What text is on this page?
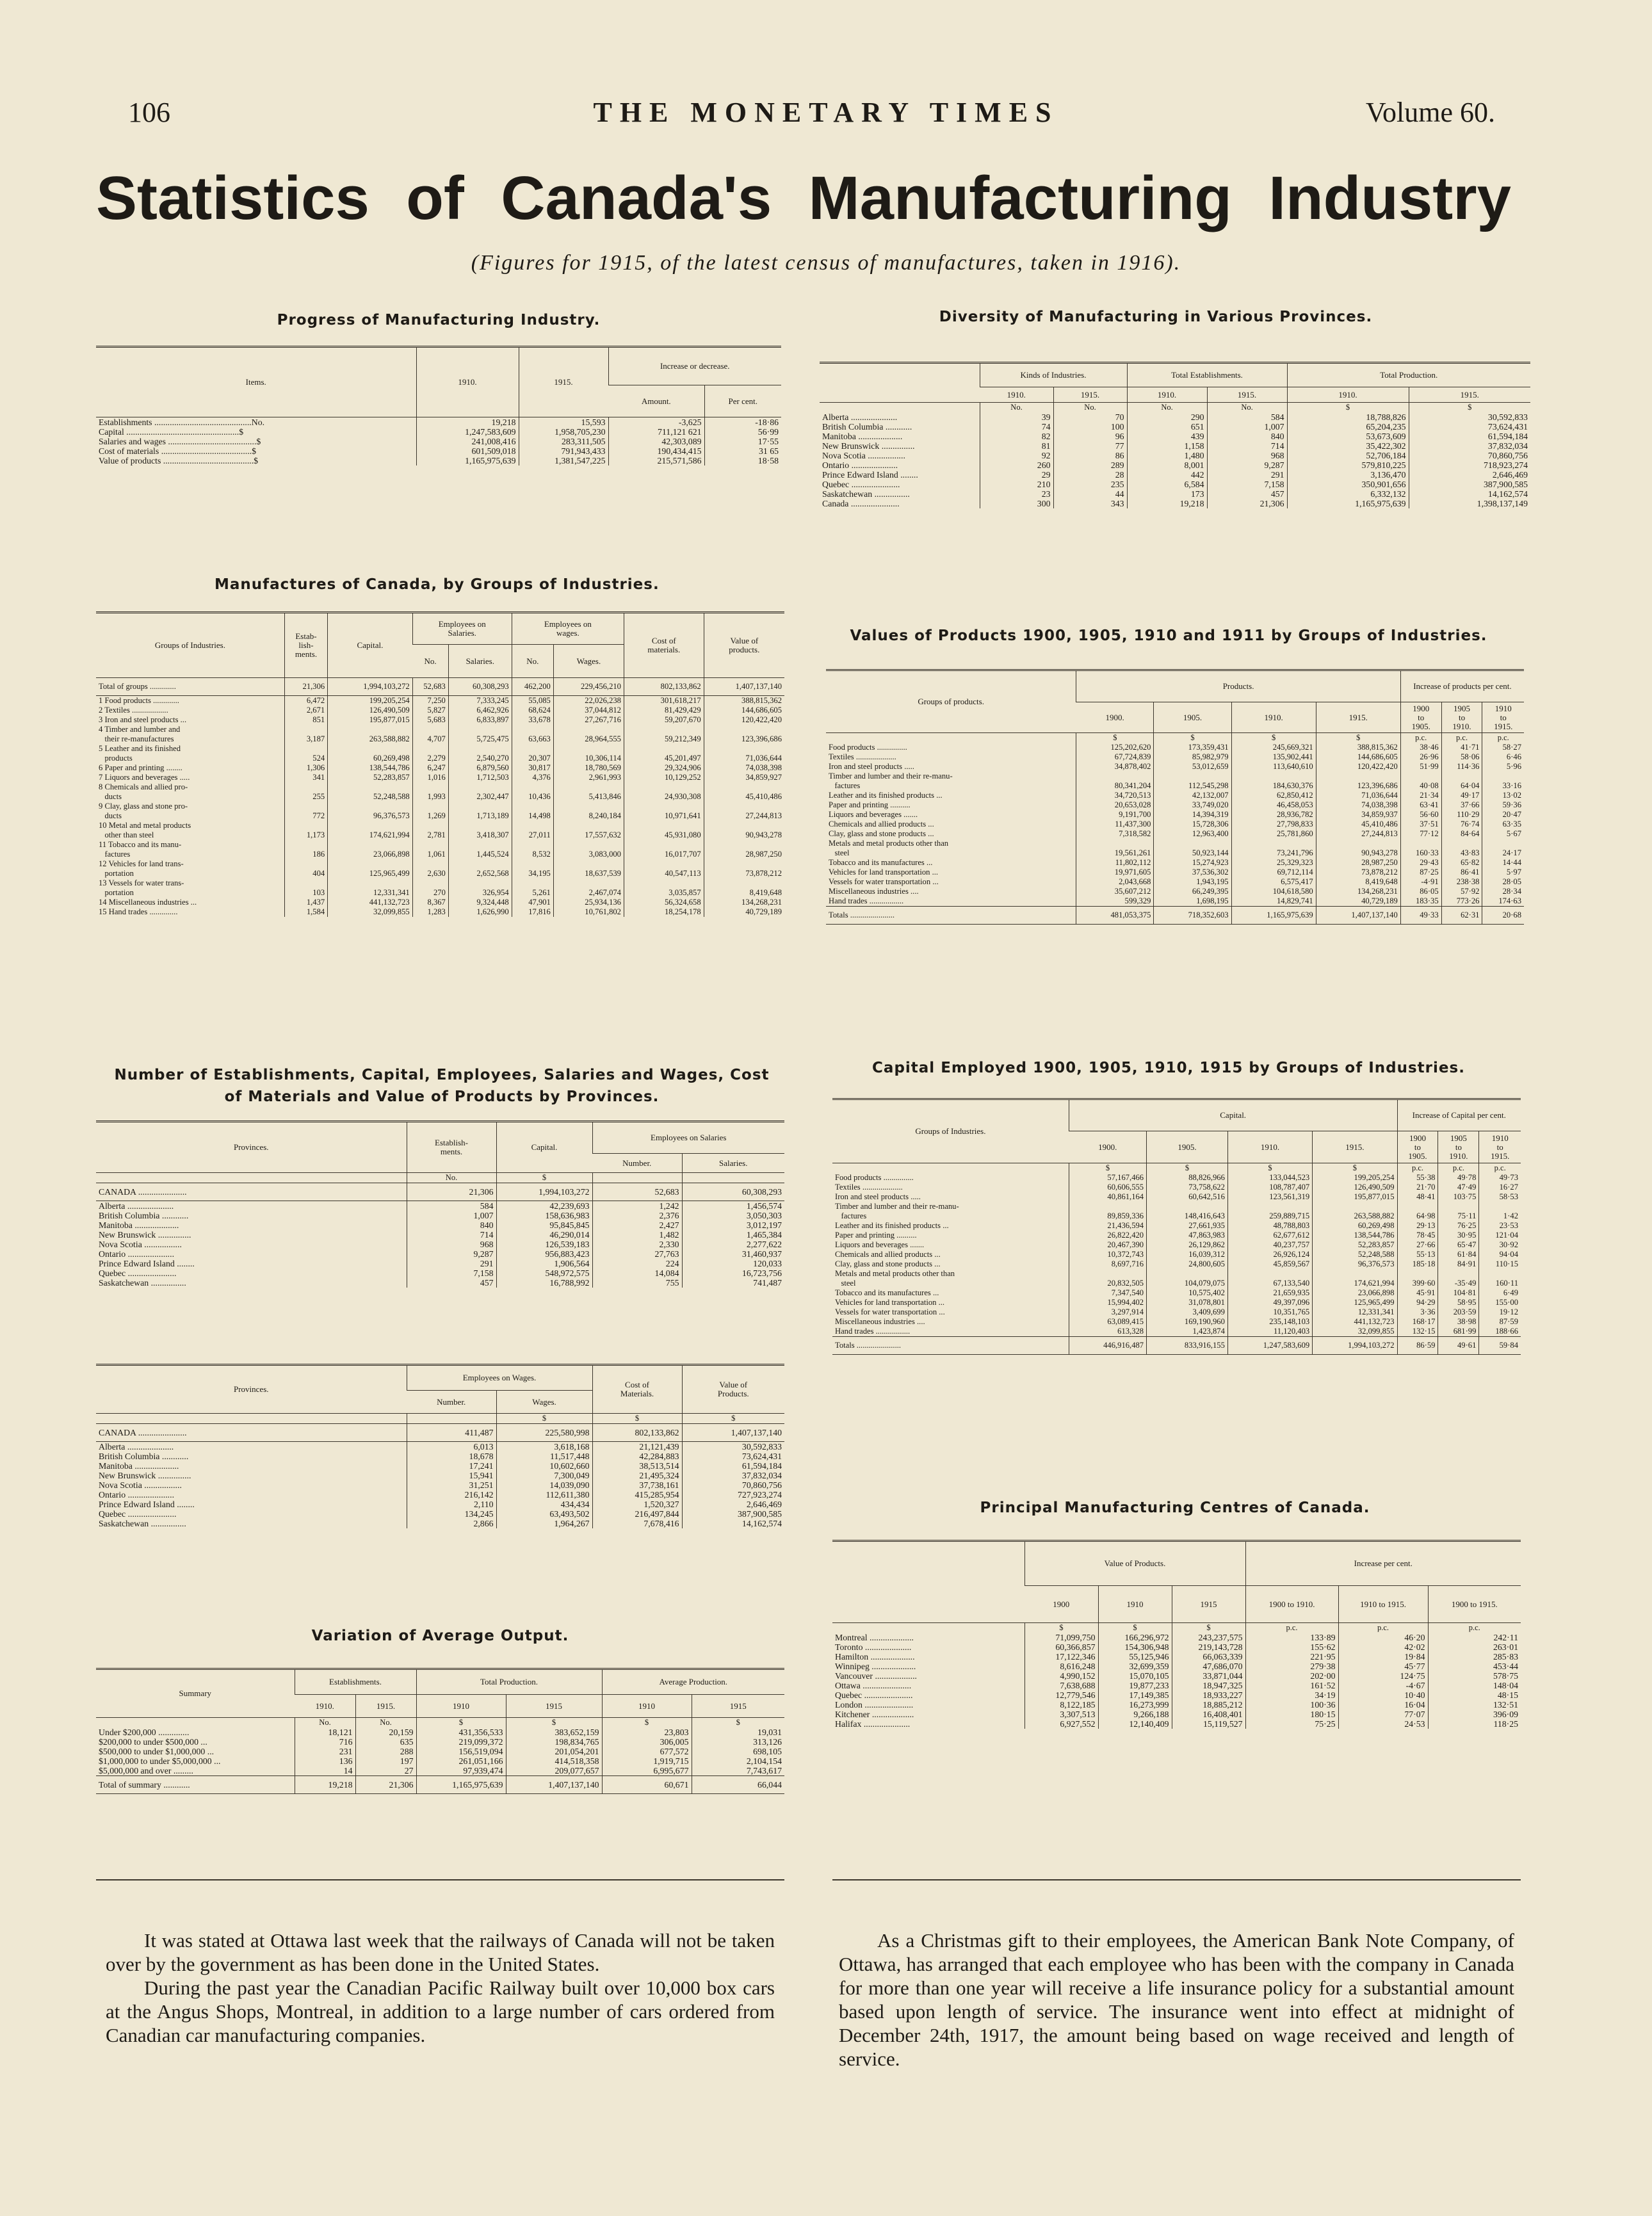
106	THE MONETARY TIMES	Volume 60.
Statistics of Canada's Manufacturing Industry
(Figures for 1915, of the latest census of manufactures, taken in 1916).
Progress of Manufacturing Industry.
Items.	1910.	1915.	Increase or decrease.	
			Amount.	Per cent.
Establishments ............................................No.	19,218	15,593	-3,625	-18·86
Capital ...................................................$	1,247,583,609	1,958,705,230	711,121 621	56·99
Salaries and wages ........................................$	241,008,416	283,311,505	42,303,089	17·55
Cost of materials .........................................$	601,509,018	791,943,433	190,434,415	31 65
Value of products .........................................$	1,165,975,639	1,381,547,225	215,571,586	18·58
Diversity of Manufacturing in Various Provinces.
	Kinds of Industries.		Total Establishments.		Total Production.	
	1910.	1915.	1910.	1915.	1910.	1915.
	No.	No.	No.	No.	$	$
Alberta .....................	39	70	290	584	18,788,826	30,592,833
British Columbia ............	74	100	651	1,007	65,204,235	73,624,431
Manitoba ....................	82	96	439	840	53,673,609	61,594,184
New Brunswick ...............	81	77	1,158	714	35,422,302	37,832,034
Nova Scotia .................	92	86	1,480	968	52,706,184	70,860,756
Ontario .....................	260	289	8,001	9,287	579,810,225	718,923,274
Prince Edward Island ........	29	28	442	291	3,136,470	2,646,469
Quebec ......................	210	235	6,584	7,158	350,901,656	387,900,585
Saskatchewan ................	23	44	173	457	6,332,132	14,162,574
Canada ......................	300	343	19,218	21,306	1,165,975,639	1,398,137,149
Manufactures of Canada, by Groups of Industries.
Groups of Industries.	Estab-
lish-
ments.	Capital.	Employees on
Salaries.		Employees on
wages.		Cost of
materials.	Value of
products.
			No.	Salaries.	No.	Wages.		
Total of groups .............	21,306	1,994,103,272	52,683	60,308,293	462,200	229,456,210	802,133,862	1,407,137,140
1 Food products .............	6,472	199,205,254	7,250	7,333,245	55,085	22,026,238	301,618,217	388,815,362
2 Textiles ..................	2,671	126,490,509	5,827	6,462,926	68,624	37,044,812	81,429,429	144,686,605
3 Iron and steel products ...	851	195,877,015	5,683	6,833,897	33,678	27,267,716	59,207,670	120,422,420
4 Timber and lumber and
their re-manufactures	3,187	263,588,882	4,707	5,725,475	63,663	28,964,555	59,212,349	123,396,686
5 Leather and its finished
products	524	60,269,498	2,279	2,540,270	20,307	10,306,114	45,201,497	71,036,644
6 Paper and printing ........	1,306	138,544,786	6,247	6,879,560	30,817	18,780,569	29,324,906	74,038,398
7 Liquors and beverages .....	341	52,283,857	1,016	1,712,503	4,376	2,961,993	10,129,252	34,859,927
8 Chemicals and allied pro-
ducts	255	52,248,588	1,993	2,302,447	10,436	5,413,846	24,930,308	45,410,486
9 Clay, glass and stone pro-
ducts	772	96,376,573	1,269	1,713,189	14,498	8,240,184	10,971,641	27,244,813
10 Metal and metal products
other than steel	1,173	174,621,994	2,781	3,418,307	27,011	17,557,632	45,931,080	90,943,278
11 Tobacco and its manu-
factures	186	23,066,898	1,061	1,445,524	8,532	3,083,000	16,017,707	28,987,250
12 Vehicles for land trans-
portation	404	125,965,499	2,630	2,652,568	34,195	18,637,539	40,547,113	73,878,212
13 Vessels for water trans-
portation	103	12,331,341	270	326,954	5,261	2,467,074	3,035,857	8,419,648
14 Miscellaneous industries ...	1,437	441,132,723	8,367	9,324,448	47,901	25,934,136	56,324,658	134,268,231
15 Hand trades ..............	1,584	32,099,855	1,283	1,626,990	17,816	10,761,802	18,254,178	40,729,189
Values of Products 1900, 1905, 1910 and 1911 by Groups of Industries.
Groups of products.	Products.				Increase of products per cent.		
	1900.	1905.	1910.	1915.	1900
to
1905.	1905
to
1910.	1910
to
1915.
	$	$	$	$	p.c.	p.c.	p.c.
Food products ...............	125,202,620	173,359,431	245,669,321	388,815,362	38·46	41·71	58·27
Textiles ....................	67,724,839	85,982,979	135,902,441	144,686,605	26·96	58·06	6·46
Iron and steel products .....	34,878,402	53,012,659	113,640,610	120,422,420	51·99	114·36	5·96
Timber and lumber and their re-manu-
factures	80,341,204	112,545,298	184,630,376	123,396,686	40·08	64·04	33·16
Leather and its finished products ...	34,720,513	42,132,007	62,850,412	71,036,644	21·34	49·17	13·02
Paper and printing ..........	20,653,028	33,749,020	46,458,053	74,038,398	63·41	37·66	59·36
Liquors and beverages .......	9,191,700	14,394,319	28,936,782	34,859,937	56·60	110·29	20·47
Chemicals and allied products ...	11,437,300	15,728,306	27,798,833	45,410,486	37·51	76·74	63·35
Clay, glass and stone products ...	7,318,582	12,963,400	25,781,860	27,244,813	77·12	84·64	5·67
Metals and metal products other than
steel	19,561,261	50,923,144	73,241,796	90,943,278	160·33	43·83	24·17
Tobacco and its manufactures ...	11,802,112	15,274,923	25,329,323	28,987,250	29·43	65·82	14·44
Vehicles for land transportation ...	19,971,605	37,536,302	69,712,114	73,878,212	87·25	86·41	5·97
Vessels for water transportation ...	2,043,668	1,943,195	6,575,417	8,419,648	-4·91	238·38	28·05
Miscellaneous industries ....	35,607,212	66,249,395	104,618,580	134,268,231	86·05	57·92	28·34
Hand trades .................	599,329	1,698,195	14,829,741	40,729,189	183·35	773·26	174·63
Totals ......................	481,053,375	718,352,603	1,165,975,639	1,407,137,140	49·33	62·31	20·68
Number of Establishments, Capital, Employees, Salaries and Wages, Cost of Materials and Value of Products by Provinces.
Provinces.	Establish-
ments.	Capital.	Employees on Salaries	
			Number.	Salaries.
	No.	$		
CANADA ......................	21,306	1,994,103,272	52,683	60,308,293
Alberta .....................	584	42,239,693	1,242	1,456,574
British Columbia ............	1,007	158,636,983	2,376	3,050,303
Manitoba ....................	840	95,845,845	2,427	3,012,197
New Brunswick ...............	714	46,290,014	1,482	1,465,384
Nova Scotia .................	968	126,539,183	2,330	2,277,622
Ontario .....................	9,287	956,883,423	27,763	31,460,937
Prince Edward Island ........	291	1,906,564	224	120,033
Quebec ......................	7,158	548,972,575	14,084	16,723,756
Saskatchewan ................	457	16,788,992	755	741,487
Provinces.	Employees on Wages.		Cost of
Materials.	Value of
Products.
	Number.	Wages.		
		$	$	$
CANADA ......................	411,487	225,580,998	802,133,862	1,407,137,140
Alberta .....................	6,013	3,618,168	21,121,439	30,592,833
British Columbia ............	18,678	11,517,448	42,284,883	73,624,431
Manitoba ....................	17,241	10,602,660	38,513,514	61,594,184
New Brunswick ...............	15,941	7,300,049	21,495,324	37,832,034
Nova Scotia .................	31,251	14,039,090	37,738,161	70,860,756
Ontario .....................	216,142	112,611,380	415,285,954	727,923,274
Prince Edward Island ........	2,110	434,434	1,520,327	2,646,469
Quebec ......................	134,245	63,493,502	216,497,844	387,900,585
Saskatchewan ................	2,866	1,964,267	7,678,416	14,162,574
Capital Employed 1900, 1905, 1910, 1915 by Groups of Industries.
Groups of Industries.	Capital.				Increase of Capital per cent.		
	1900.	1905.	1910.	1915.	1900
to
1905.	1905
to
1910.	1910
to
1915.
	$	$	$	$	p.c.	p.c.	p.c.
Food products ...............	57,167,466	88,826,966	133,044,523	199,205,254	55·38	49·78	49·73
Textiles ....................	60,606,555	73,758,622	108,787,407	126,490,509	21·70	47·49	16·27
Iron and steel products .....	40,861,164	60,642,516	123,561,319	195,877,015	48·41	103·75	58·53
Timber and lumber and their re-manu-
factures	89,859,336	148,416,643	259,889,715	263,588,882	64·98	75·11	1·42
Leather and its finished products ...	21,436,594	27,661,935	48,788,803	60,269,498	29·13	76·25	23·53
Paper and printing ..........	26,822,420	47,863,983	62,677,612	138,544,786	78·45	30·95	121·04
Liquors and beverages .......	20,467,390	26,129,862	40,237,757	52,283,857	27·66	65·47	30·92
Chemicals and allied products ...	10,372,743	16,039,312	26,926,124	52,248,588	55·13	61·84	94·04
Clay, glass and stone products ...	8,697,716	24,800,605	45,859,567	96,376,573	185·18	84·91	110·15
Metals and metal products other than
steel	20,832,505	104,079,075	67,133,540	174,621,994	399·60	-35·49	160·11
Tobacco and its manufactures ...	7,347,540	10,575,402	21,659,935	23,066,898	45·91	104·81	6·49
Vehicles for land transportation ...	15,994,402	31,078,801	49,397,096	125,965,499	94·29	58·95	155·00
Vessels for water transportation ...	3,297,914	3,409,699	10,351,765	12,331,341	3·36	203·59	19·12
Miscellaneous industries ....	63,089,415	169,190,960	235,148,103	441,132,723	168·17	38·98	87·59
Hand trades .................	613,328	1,423,874	11,120,403	32,099,855	132·15	681·99	188·66
Totals ......................	446,916,487	833,916,155	1,247,583,609	1,994,103,272	86·59	49·61	59·84
Variation of Average Output.
Summary	Establishments.		Total Production.		Average Production.	
	1910.	1915.	1910	1915	1910	1915
	No.	No.	$	$	$	$
Under $200,000 ..............	18,121	20,159	431,356,533	383,652,159	23,803	19,031
$200,000 to under $500,000 ...	716	635	219,099,372	198,834,765	306,005	313,126
$500,000 to under $1,000,000 ...	231	288	156,519,094	201,054,201	677,572	698,105
$1,000,000 to under $5,000,000 ...	136	197	261,051,166	414,518,358	1,919,715	2,104,154
$5,000,000 and over .........	14	27	97,939,474	209,077,657	6,995,677	7,743,617
Total of summary ............	19,218	21,306	1,165,975,639	1,407,137,140	60,671	66,044
Principal Manufacturing Centres of Canada.
	Value of Products.			Increase per cent.		
	1900	1910	1915	1900 to 1910.	1910 to 1915.	1900 to 1915.
	$	$	$	p.c.	p.c.	p.c.
Montreal ....................	71,099,750	166,296,972	243,237,575	133·89	46·20	242·11
Toronto .....................	60,366,857	154,306,948	219,143,728	155·62	42·02	263·01
Hamilton ....................	17,122,346	55,125,946	66,063,339	221·95	19·84	285·83
Winnipeg ....................	8,616,248	32,699,359	47,686,070	279·38	45·77	453·44
Vancouver ...................	4,990,152	15,070,105	33,871,044	202·00	124·75	578·75
Ottawa ......................	7,638,688	19,877,233	18,947,325	161·52	-4·67	148·04
Quebec ......................	12,779,546	17,149,385	18,933,227	34·19	10·40	48·15
London ......................	8,122,185	16,273,999	18,885,212	100·36	16·04	132·51
Kitchener ...................	3,307,513	9,266,188	16,408,401	180·15	77·07	396·09
Halifax .....................	6,927,552	12,140,409	15,119,527	75·25	24·53	118·25

It was stated at Ottawa last week that the railways of Canada will not be taken over by the government as has been done in the United States.

During the past year the Canadian Pacific Railway built over 10,000 box cars at the Angus Shops, Montreal, in addition to a large number of cars ordered from Canadian car manufacturing companies.

As a Christmas gift to their employees, the American Bank Note Company, of Ottawa, has arranged that each employee who has been with the company in Canada for more than one year will receive a life insurance policy for a substantial amount based upon length of service. The insurance went into effect at midnight of December 24th, 1917, the amount being based on wage received and length of service.
